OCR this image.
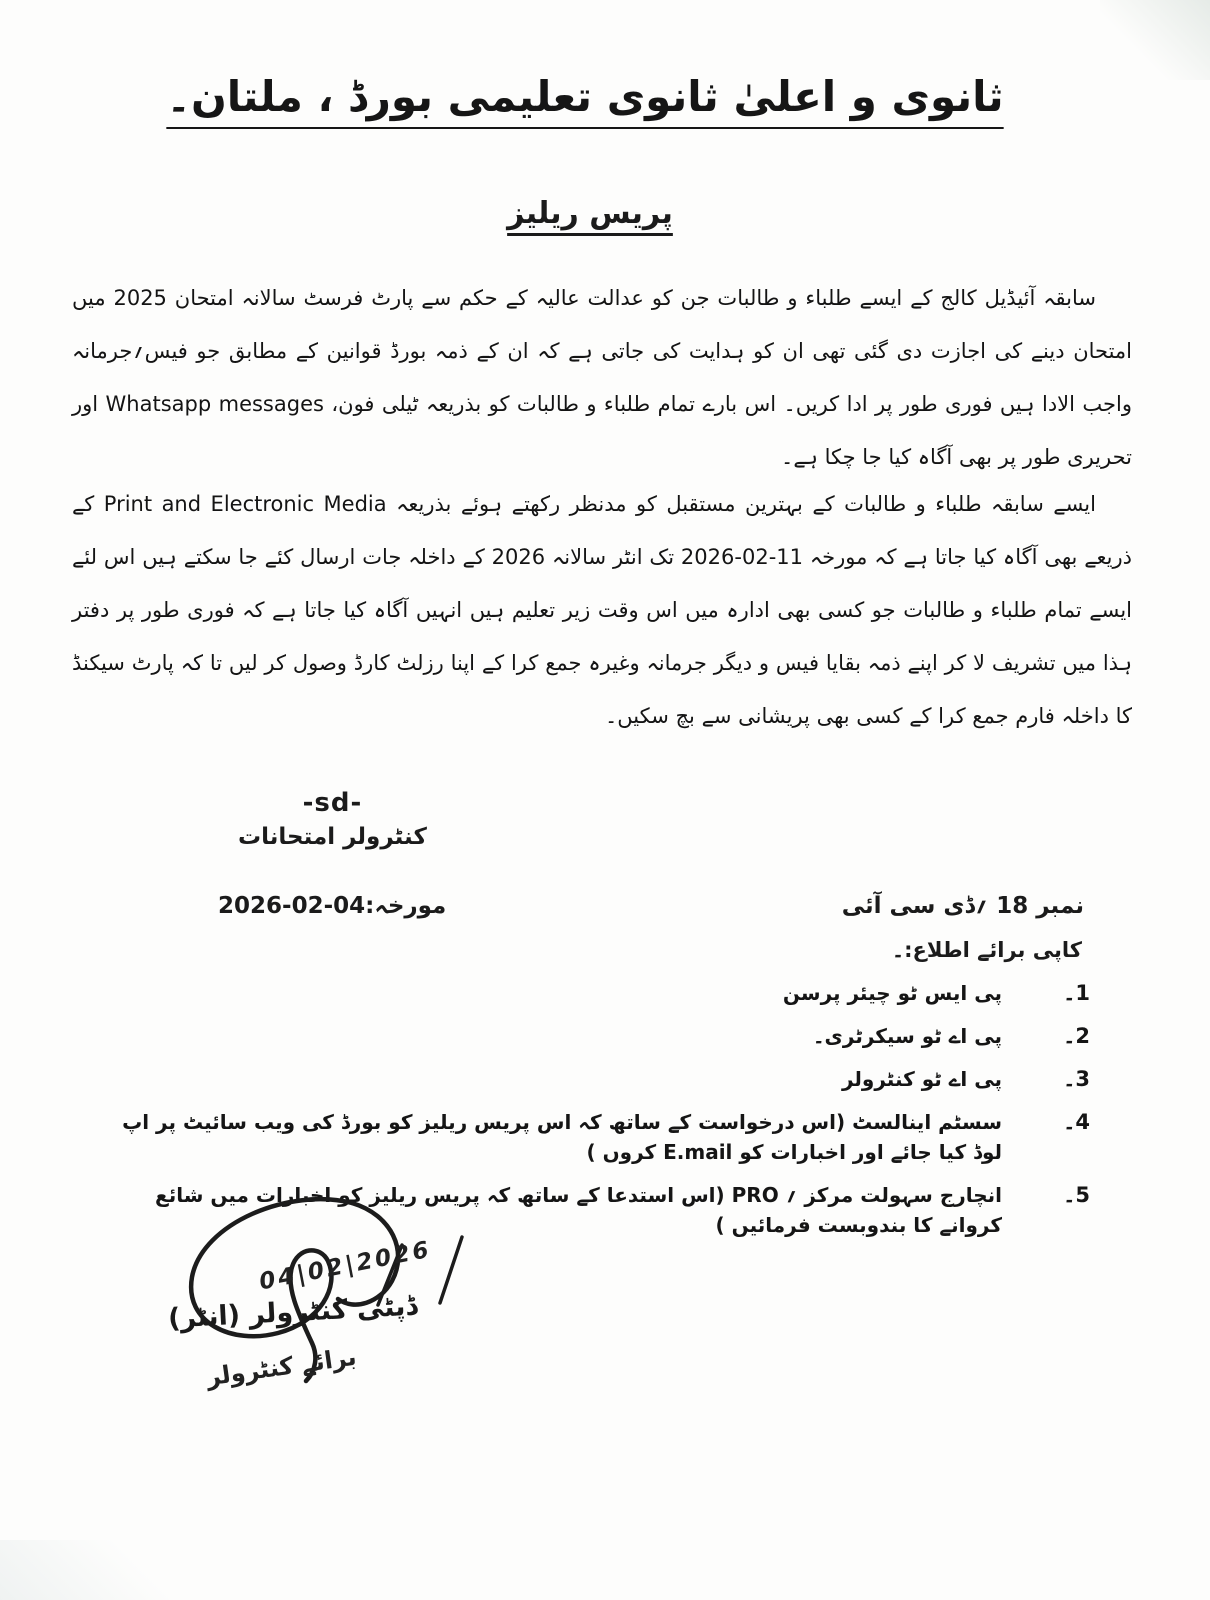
ثانوی و اعلیٰ ثانوی تعلیمی بورڈ ، ملتان۔
پریس ریلیز
سابقہ آئیڈیل کالج کے ایسے طلباء و طالبات جن کو عدالت عالیہ کے حکم سے پارٹ فرسٹ سالانہ امتحان 2025 میں امتحان دینے کی اجازت دی گئی تھی ان کو ہدایت کی جاتی ہے کہ ان کے ذمہ بورڈ قوانین کے مطابق جو فیس؍جرمانہ واجب الادا ہیں فوری طور پر ادا کریں۔ اس بارے تمام طلباء و طالبات کو بذریعہ ٹیلی فون، Whatsapp messages اور تحریری طور پر بھی آگاہ کیا جا چکا ہے۔
ایسے سابقہ طلباء و طالبات کے بہترین مستقبل کو مدنظر رکھتے ہوئے بذریعہ Print and Electronic Media کے ذریعے بھی آگاہ کیا جاتا ہے کہ مورخہ 11-02-2026 تک انٹر سالانہ 2026 کے داخلہ جات ارسال کئے جا سکتے ہیں اس لئے ایسے تمام طلباء و طالبات جو کسی بھی ادارہ میں اس وقت زیر تعلیم ہیں انہیں آگاہ کیا جاتا ہے کہ فوری طور پر دفتر ہذا میں تشریف لا کر اپنے ذمہ بقایا فیس و دیگر جرمانہ وغیرہ جمع کرا کے اپنا رزلٹ کارڈ وصول کر لیں تا کہ پارٹ سیکنڈ کا داخلہ فارم جمع کرا کے کسی بھی پریشانی سے بچ سکیں۔
-sd-
کنٹرولر امتحانات
نمبر 18 ؍ڈی سی آئی
مورخہ:04-02-2026
کاپی برائے اطلاع:۔
1۔
پی ایس ٹو چیئر پرسن
2۔
پی اے ٹو سیکرٹری۔
3۔
پی اے ٹو کنٹرولر
4۔
سسٹم اینالسٹ (اس درخواست کے ساتھ کہ اس پریس ریلیز کو بورڈ کی ویب سائیٹ پر اپ لوڈ کیا جائے اور اخبارات کو E.mail کروں )
5۔
انچارج سہولت مرکز ؍ PRO (اس استدعا کے ساتھ کہ پریس ریلیز کو اخبارات میں شائع کروانے کا بندوبست فرمائیں )
04|02|2026
ڈپٹی کنٹرولر (انٹر)
برائے کنٹرولر
